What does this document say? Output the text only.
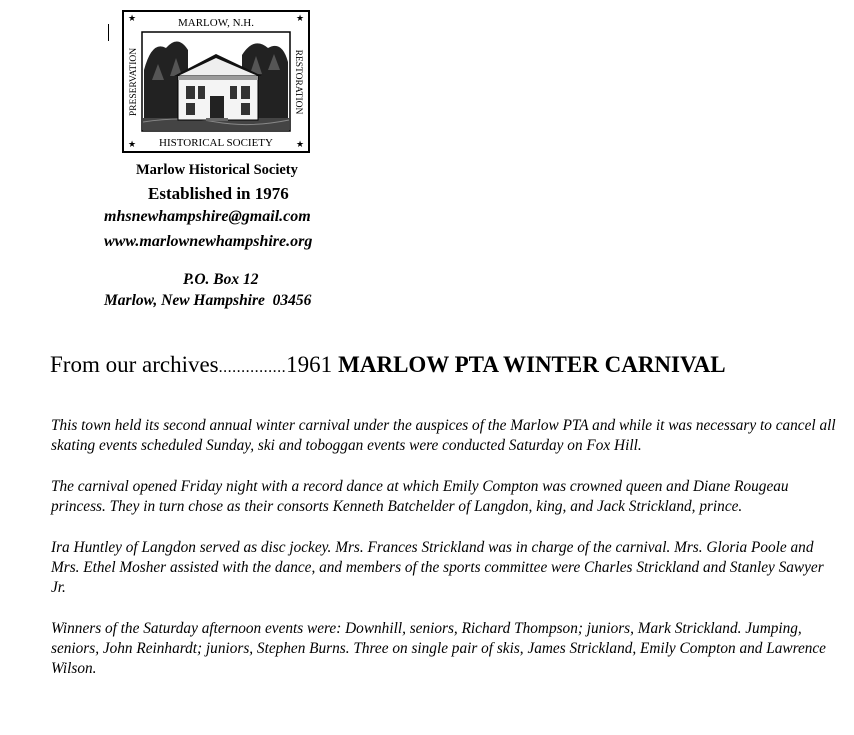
MARLOW, N.H.
HISTORICAL SOCIETY
★	★
★	★
PRESERVATION	RESTORATION
Marlow Historical Society
Established in 1976
mhsnewhampshire@gmail.com
www.marlownewhampshire.org
P.O. Box 12
Marlow, New Hampshire  03456
From our archives...............1961 MARLOW PTA WINTER CARNIVAL

This town held its second annual winter carnival under the auspices of the Marlow PTA and while it was necessary to cancel all skating events scheduled Sunday, ski and toboggan events were conducted Saturday on Fox Hill.

The carnival opened Friday night with a record dance at which Emily Compton was crowned queen and Diane Rougeau princess. They in turn chose as their consorts Kenneth Batchelder of Langdon, king, and Jack Strickland, prince.

Ira Huntley of Langdon served as disc jockey. Mrs. Frances Strickland was in charge of the carnival. Mrs. Gloria Poole and Mrs. Ethel Mosher assisted with the dance, and members of the sports committee were Charles Strickland and Stanley Sawyer Jr.

Winners of the Saturday afternoon events were: Downhill, seniors, Richard Thompson; juniors, Mark Strickland. Jumping, seniors, John Reinhardt; juniors, Stephen Burns. Three on single pair of skis, James Strickland, Emily Compton and Lawrence Wilson.
